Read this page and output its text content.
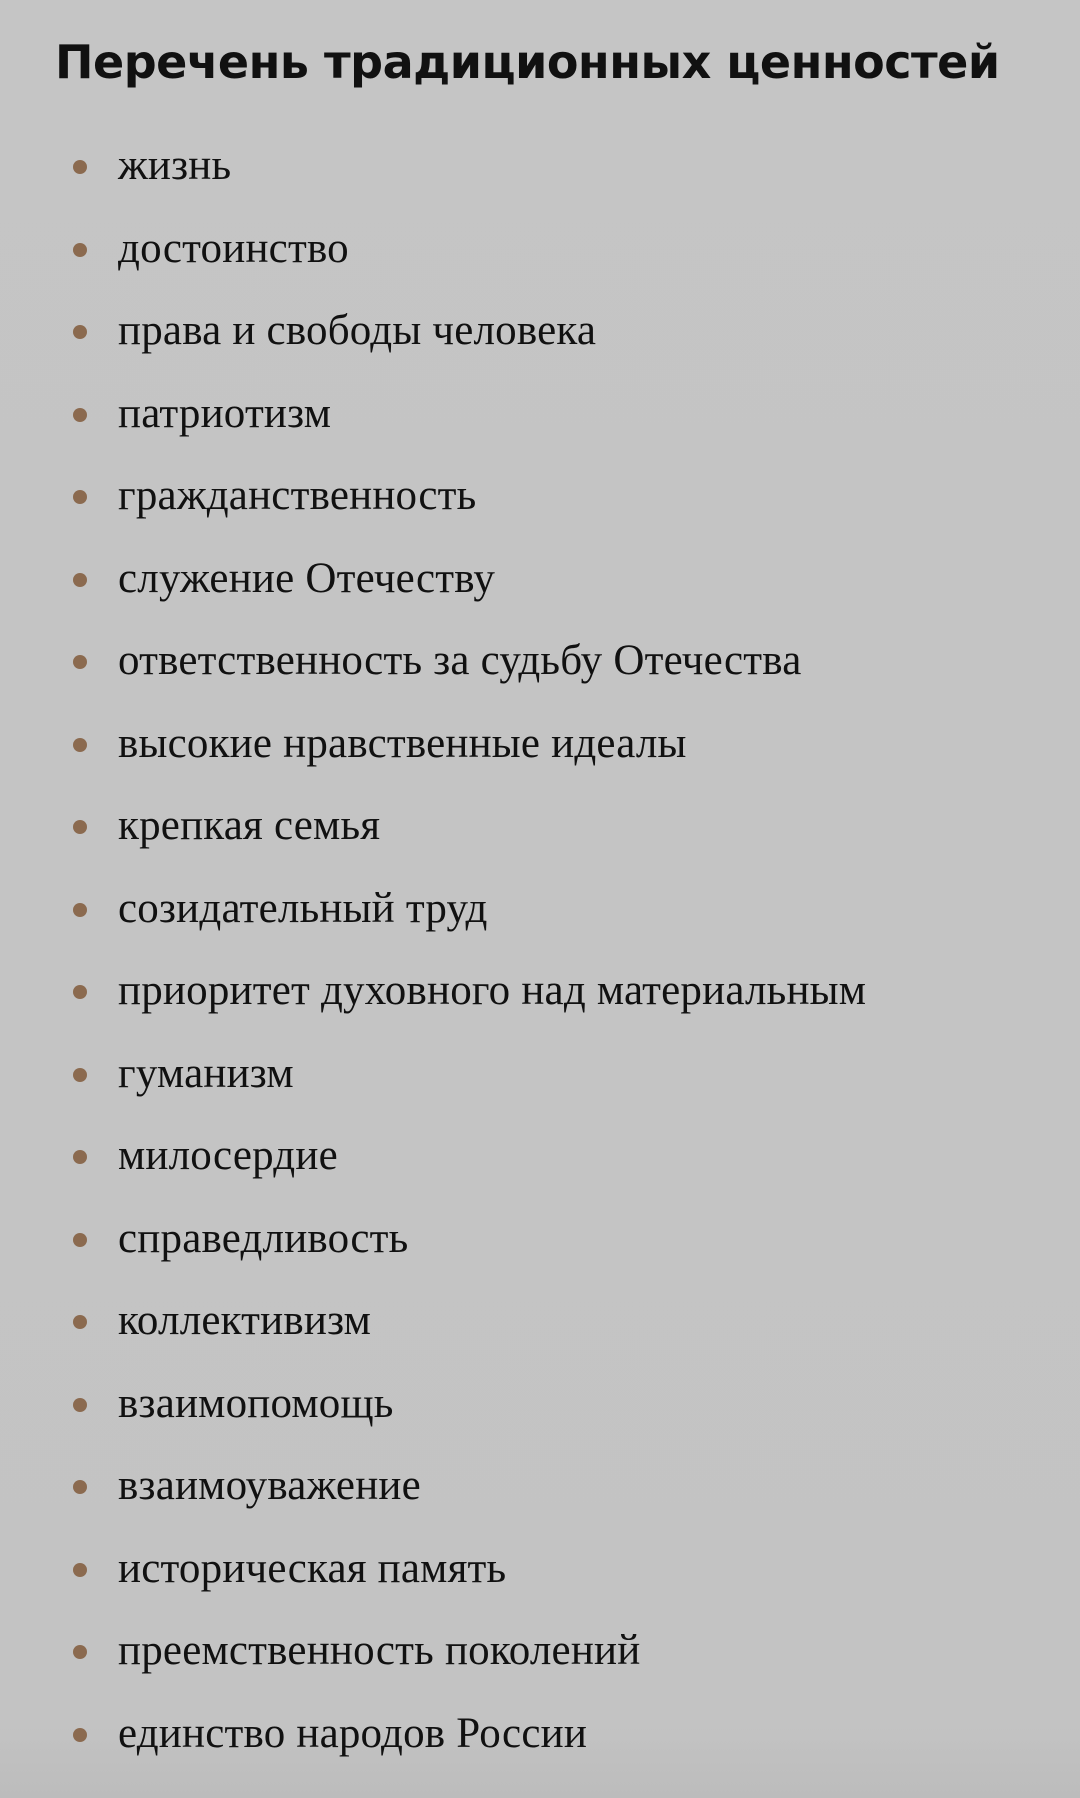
Перечень традиционных ценностей
жизнь
достоинство
права и свободы человека
патриотизм
гражданственность
служение Отечеству
ответственность за судьбу Отечества
высокие нравственные идеалы
крепкая семья
созидательный труд
приоритет духовного над материальным
гуманизм
милосердие
справедливость
коллективизм
взаимопомощь
взаимоуважение
историческая память
преемственность поколений
единство народов России
